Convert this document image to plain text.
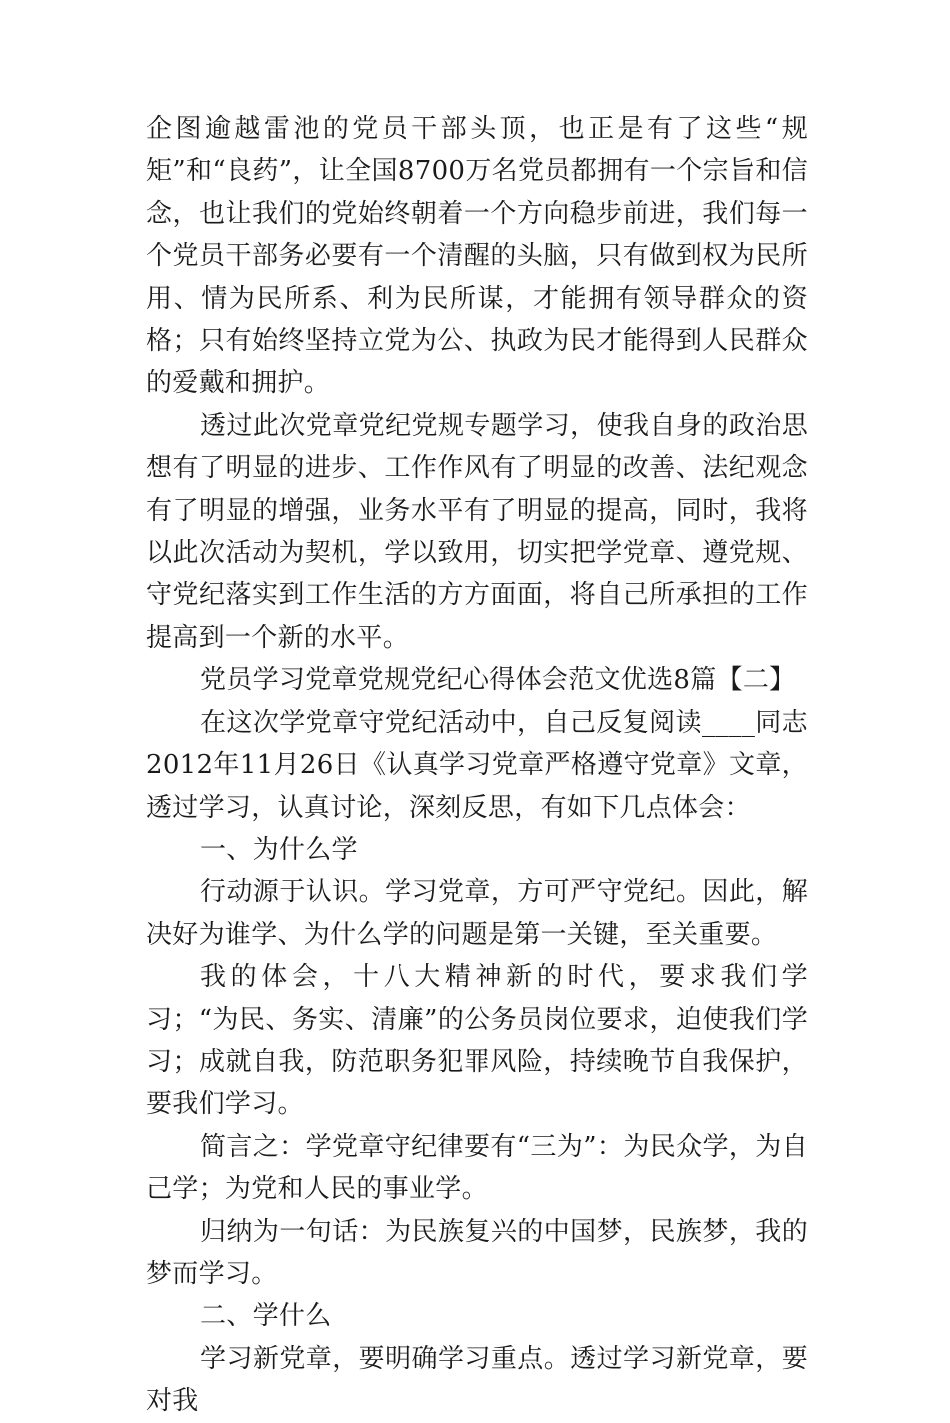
企图逾越雷池的党员干部头顶，也正是有了这些“规矩”和“良药”，让全国8700万名党员都拥有一个宗旨和信念，也让我们的党始终朝着一个方向稳步前进，我们每一个党员干部务必要有一个清醒的头脑，只有做到权为民所用、情为民所系、利为民所谋，才能拥有领导群众的资格；只有始终坚持立党为公、执政为民才能得到人民群众的爱戴和拥护。

透过此次党章党纪党规专题学习，使我自身的政治思想有了明显的进步、工作作风有了明显的改善、法纪观念有了明显的增强，业务水平有了明显的提高，同时，我将以此次活动为契机，学以致用，切实把学党章、遵党规、守党纪落实到工作生活的方方面面，将自己所承担的工作提高到一个新的水平。

党员学习党章党规党纪心得体会范文优选8篇【二】

在这次学党章守党纪活动中，自己反复阅读____同志2012年11月26日《认真学习党章严格遵守党章》文章，透过学习，认真讨论，深刻反思，有如下几点体会：

一、为什么学

行动源于认识。学习党章，方可严守党纪。因此，解决好为谁学、为什么学的问题是第一关键，至关重要。

我的体会，十八大精神新的时代，要求我们学习；“为民、务实、清廉”的公务员岗位要求，迫使我们学习；成就自我，防范职务犯罪风险，持续晚节自我保护，要我们学习。

简言之：学党章守纪律要有“三为”：为民众学，为自己学；为党和人民的事业学。

归纳为一句话：为民族复兴的中国梦，民族梦，我的梦而学习。

二、学什么

学习新党章，要明确学习重点。透过学习新党章，要对我
